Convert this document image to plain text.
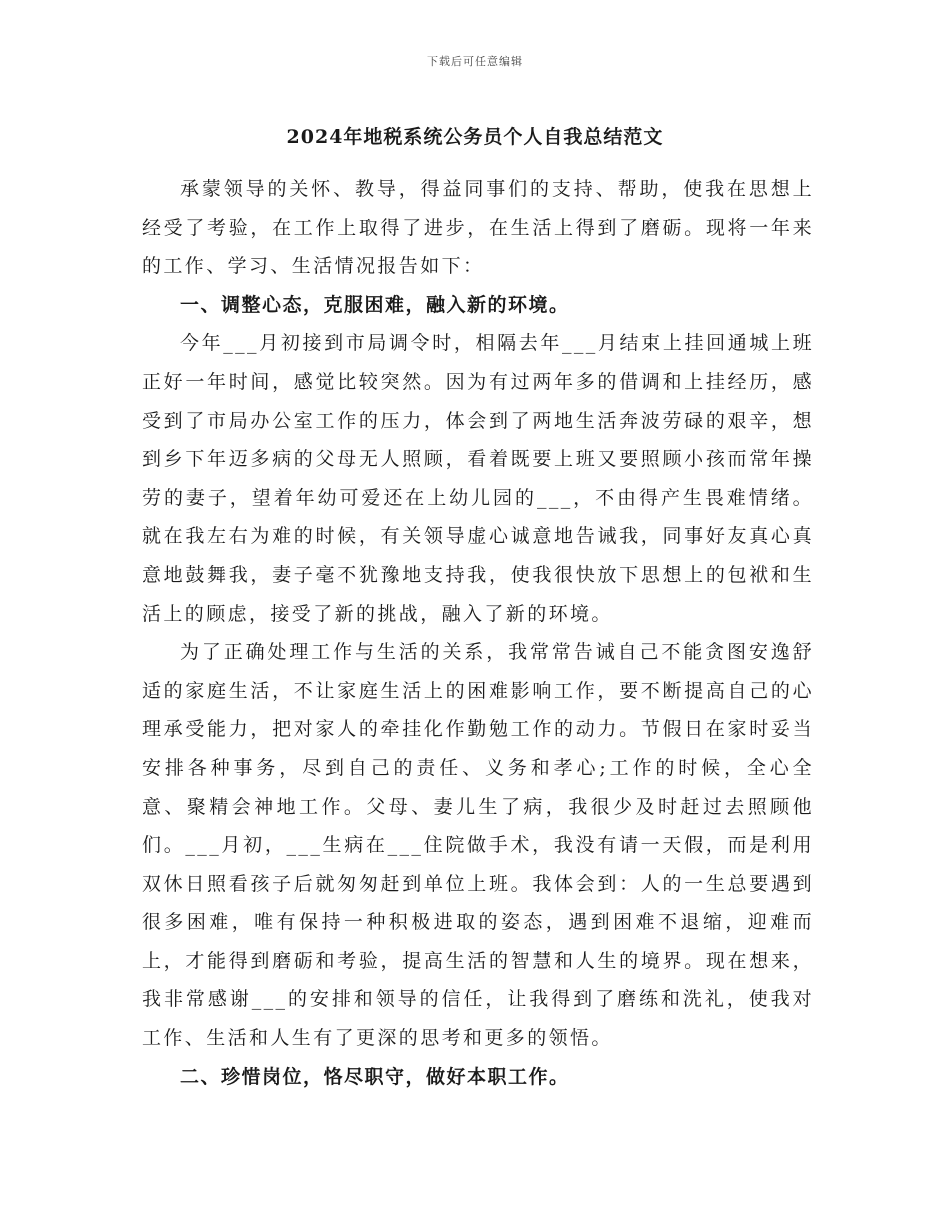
下载后可任意编辑
2024年地税系统公务员个人自我总结范文

承蒙领导的关怀、教导，得益同事们的支持、帮助，使我在思想上经受了考验，在工作上取得了进步，在生活上得到了磨砺。现将一年来的工作、学习、生活情况报告如下：

一、调整心态，克服困难，融入新的环境。

今年___月初接到市局调令时，相隔去年___月结束上挂回通城上班正好一年时间，感觉比较突然。因为有过两年多的借调和上挂经历，感受到了市局办公室工作的压力，体会到了两地生活奔波劳碌的艰辛，想到乡下年迈多病的父母无人照顾，看着既要上班又要照顾小孩而常年操劳的妻子，望着年幼可爱还在上幼儿园的___，不由得产生畏难情绪。就在我左右为难的时候，有关领导虚心诚意地告诫我，同事好友真心真意地鼓舞我，妻子毫不犹豫地支持我，使我很快放下思想上的包袱和生活上的顾虑，接受了新的挑战，融入了新的环境。

为了正确处理工作与生活的关系，我常常告诫自己不能贪图安逸舒适的家庭生活，不让家庭生活上的困难影响工作，要不断提高自己的心理承受能力，把对家人的牵挂化作勤勉工作的动力。节假日在家时妥当安排各种事务，尽到自己的责任、义务和孝心;工作的时候，全心全意、聚精会神地工作。父母、妻儿生了病，我很少及时赶过去照顾他们。___月初，___生病在___住院做手术，我没有请一天假，而是利用双休日照看孩子后就匆匆赶到单位上班。我体会到：人的一生总要遇到很多困难，唯有保持一种积极进取的姿态，遇到困难不退缩，迎难而上，才能得到磨砺和考验，提高生活的智慧和人生的境界。现在想来，我非常感谢___的安排和领导的信任，让我得到了磨练和洗礼，使我对工作、生活和人生有了更深的思考和更多的领悟。

二、珍惜岗位，恪尽职守，做好本职工作。
